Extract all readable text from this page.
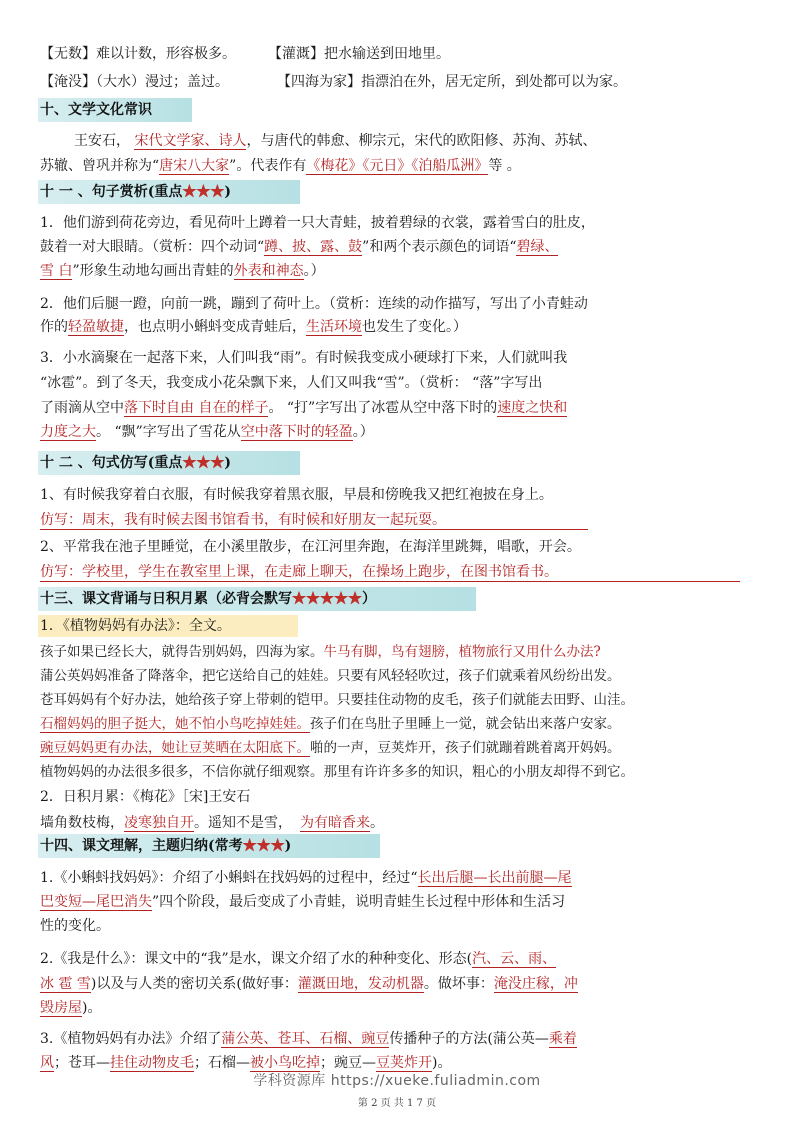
【无数】难以计数，形容极多。 【灌溉】把水输送到田地里。
【淹没】（大水）漫过；盖过。	【四海为家】指漂泊在外，居无定所，到处都可以为家。
十、文学文化常识
王安石， 宋代文学家、诗人，与唐代的韩愈、柳宗元，宋代的欧阳修、苏洵、苏轼、
苏辙、曾巩并称为“唐宋八大家”。代表作有《梅花》《元日》《泊船瓜洲》等 。
十 一 、句子赏析(重点★★★)
1．他们游到荷花旁边，看见荷叶上蹲着一只大青蛙，披着碧绿的衣裳，露着雪白的肚皮，
鼓着一对大眼睛。（赏析：四个动词“蹲、披、露、鼓”和两个表示颜色的词语“碧绿、
雪 白”形象生动地勾画出青蛙的外表和神态。）
2．他们后腿一蹬，向前一跳，蹦到了荷叶上。（赏析：连续的动作描写，写出了小青蛙动
作的轻盈敏捷，也点明小蝌蚪变成青蛙后，生活环境也发生了变化。）
3．小水滴聚在一起落下来，人们叫我“雨”。有时候我变成小硬球打下来，人们就叫我
“冰雹”。到了冬天，我变成小花朵飘下来，人们又叫我“雪”。（赏析： “落”字写出
了雨滴从空中落下时自由 自在的样子。 “打”字写出了冰雹从空中落下时的速度之快和
力度之大。 “飘”字写出了雪花从空中落下时的轻盈。）
十 二 、句式仿写(重点★★★)
1、有时候我穿着白衣服，有时候我穿着黑衣服，早晨和傍晚我又把红袍披在身上。
仿写：周末，我有时候去图书馆看书，有时候和好朋友一起玩耍。
2、平常我在池子里睡觉，在小溪里散步，在江河里奔跑，在海洋里跳舞，唱歌，开会。
仿写：学校里，学生在教室里上课，在走廊上聊天，在操场上跑步，在图书馆看书。
十三、课文背诵与日积月累（必背会默写★★★★★）
1．《植物妈妈有办法》：全文。
孩子如果已经长大，就得告别妈妈，四海为家。牛马有脚，鸟有翅膀，植物旅行又用什么办法?
蒲公英妈妈准备了降落伞，把它送给自己的娃娃。只要有风轻轻吹过，孩子们就乘着风纷纷出发。
苍耳妈妈有个好办法，她给孩子穿上带刺的铠甲。只要挂住动物的皮毛，孩子们就能去田野、山洼。
石榴妈妈的胆子挺大，她不怕小鸟吃掉娃娃。孩子们在鸟肚子里睡上一觉，就会钻出来落户安家。
豌豆妈妈更有办法，她让豆荚晒在太阳底下。啪的一声，豆荚炸开，孩子们就蹦着跳着离开妈妈。
植物妈妈的办法很多很多，不信你就仔细观察。那里有许许多多的知识，粗心的小朋友却得不到它。
2．日积月累：《梅花》［宋]王安石
墙角数枝梅，凌寒独自开。遥知不是雪， 为有暗香来。
十四、课文理解，主题归纳(常考★★★)
1.《小蝌蚪找妈妈》：介绍了小蝌蚪在找妈妈的过程中，经过“长出后腿—长出前腿—尾
巴变短—尾巴消失”四个阶段，最后变成了小青蛙，说明青蛙生长过程中形体和生活习
性的变化。
2.《我是什么》：课文中的“我”是水，课文介绍了水的种种变化、形态(汽、云、雨、
冰 雹 雪)以及与人类的密切关系(做好事：灌溉田地，发动机器。做坏事：淹没庄稼，冲
毁房屋)。
3.《植物妈妈有办法》介绍了蒲公英、苍耳、石榴、豌豆传播种子的方法(蒲公英—乘着
风；苍耳—挂住动物皮毛；石榴—被小鸟吃掉；豌豆—豆荚炸开)。
学科资源库 https://xueke.fuliadmin.com
第 2 页 共 1 7 页
